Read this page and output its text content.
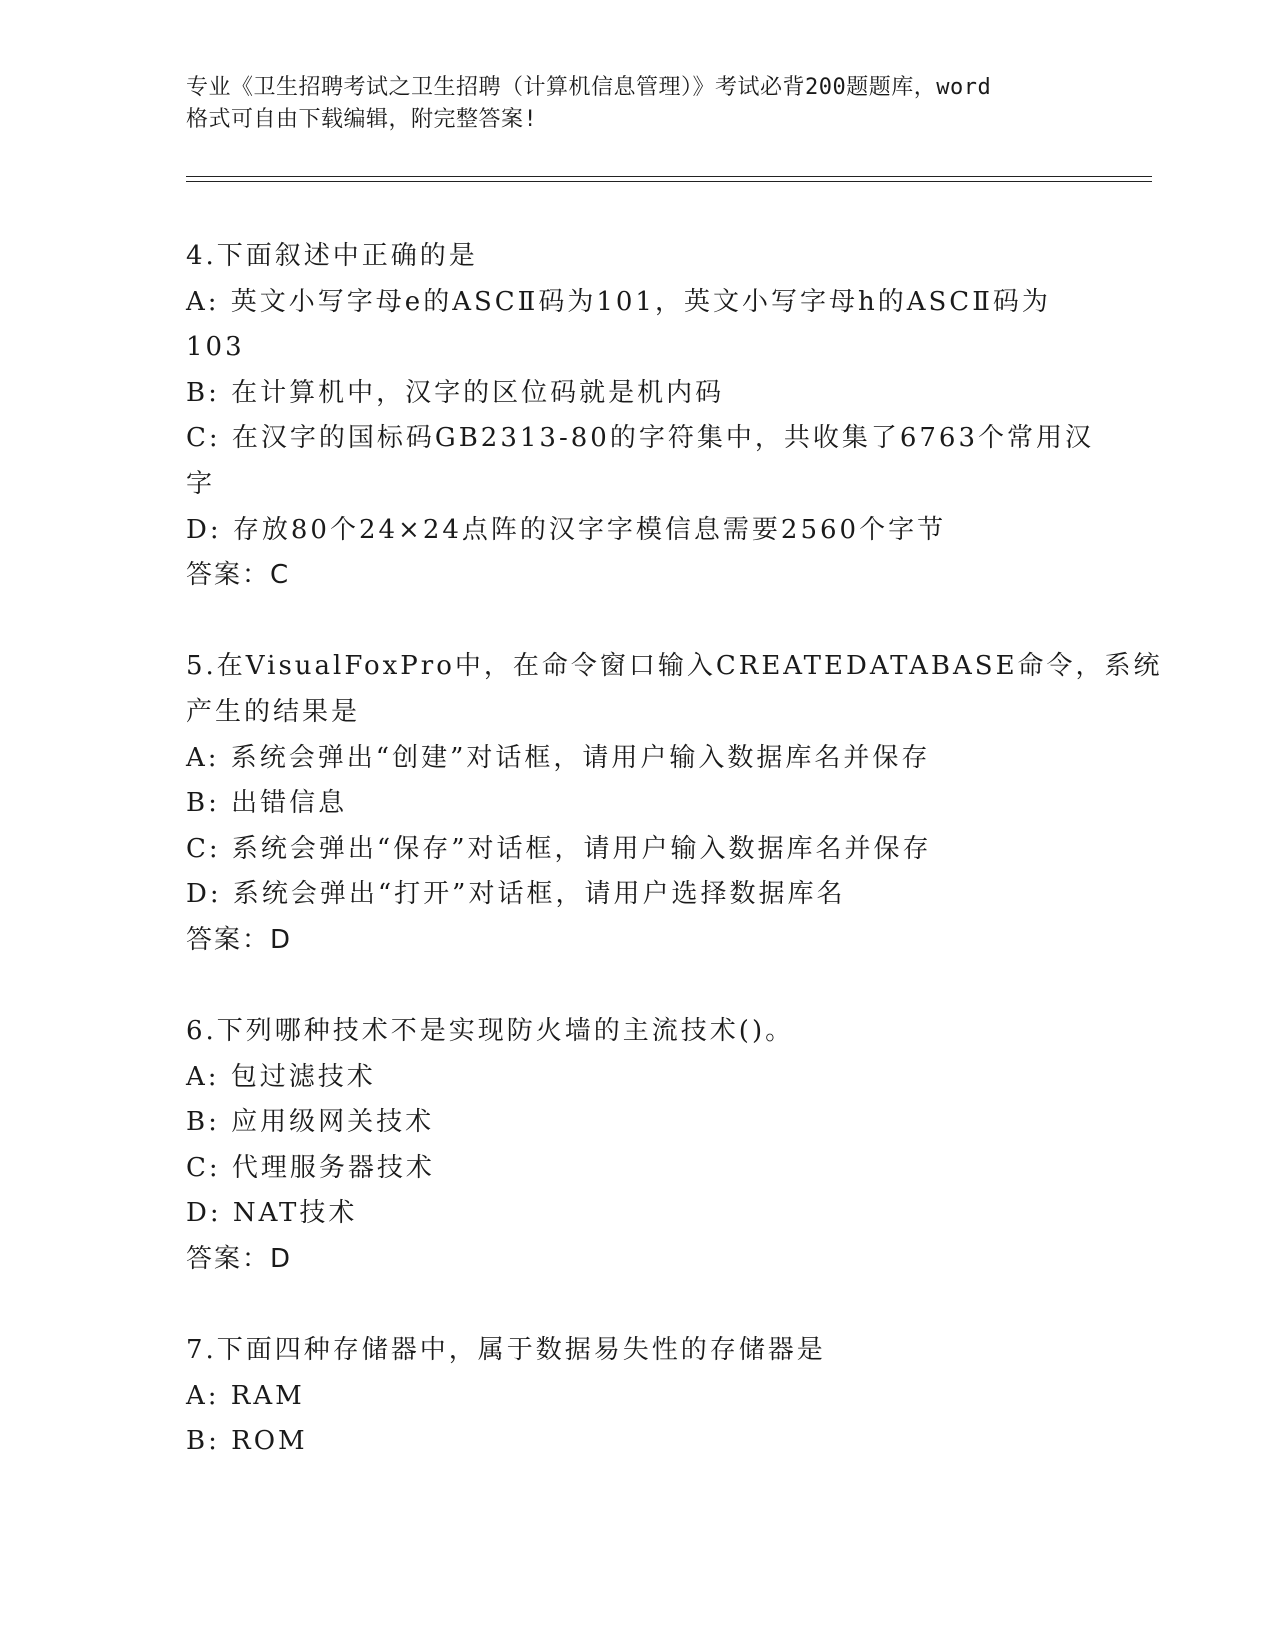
专业《卫生招聘考试之卫生招聘（计算机信息管理）》考试必背200题题库，word
格式可自由下载编辑，附完整答案!
4.下面叙述中正确的是
A: 英文小写字母e的ASCⅡ码为101，英文小写字母h的ASCⅡ码为
103
B: 在计算机中，汉字的区位码就是机内码
C: 在汉字的国标码GB2313-80的字符集中，共收集了6763个常用汉
字
D: 存放80个24×24点阵的汉字字模信息需要2560个字节
答案：C
5.在VisualFoxPro中，在命令窗口输入CREATEDATABASE命令，系统
产生的结果是
A: 系统会弹出“创建”对话框，请用户输入数据库名并保存
B: 出错信息
C: 系统会弹出“保存”对话框，请用户输入数据库名并保存
D: 系统会弹出“打开”对话框，请用户选择数据库名
答案：D
6.下列哪种技术不是实现防火墙的主流技术()。
A: 包过滤技术
B: 应用级网关技术
C: 代理服务器技术
D: NAT技术
答案：D
7.下面四种存储器中，属于数据易失性的存储器是
A: RAM
B: ROM
